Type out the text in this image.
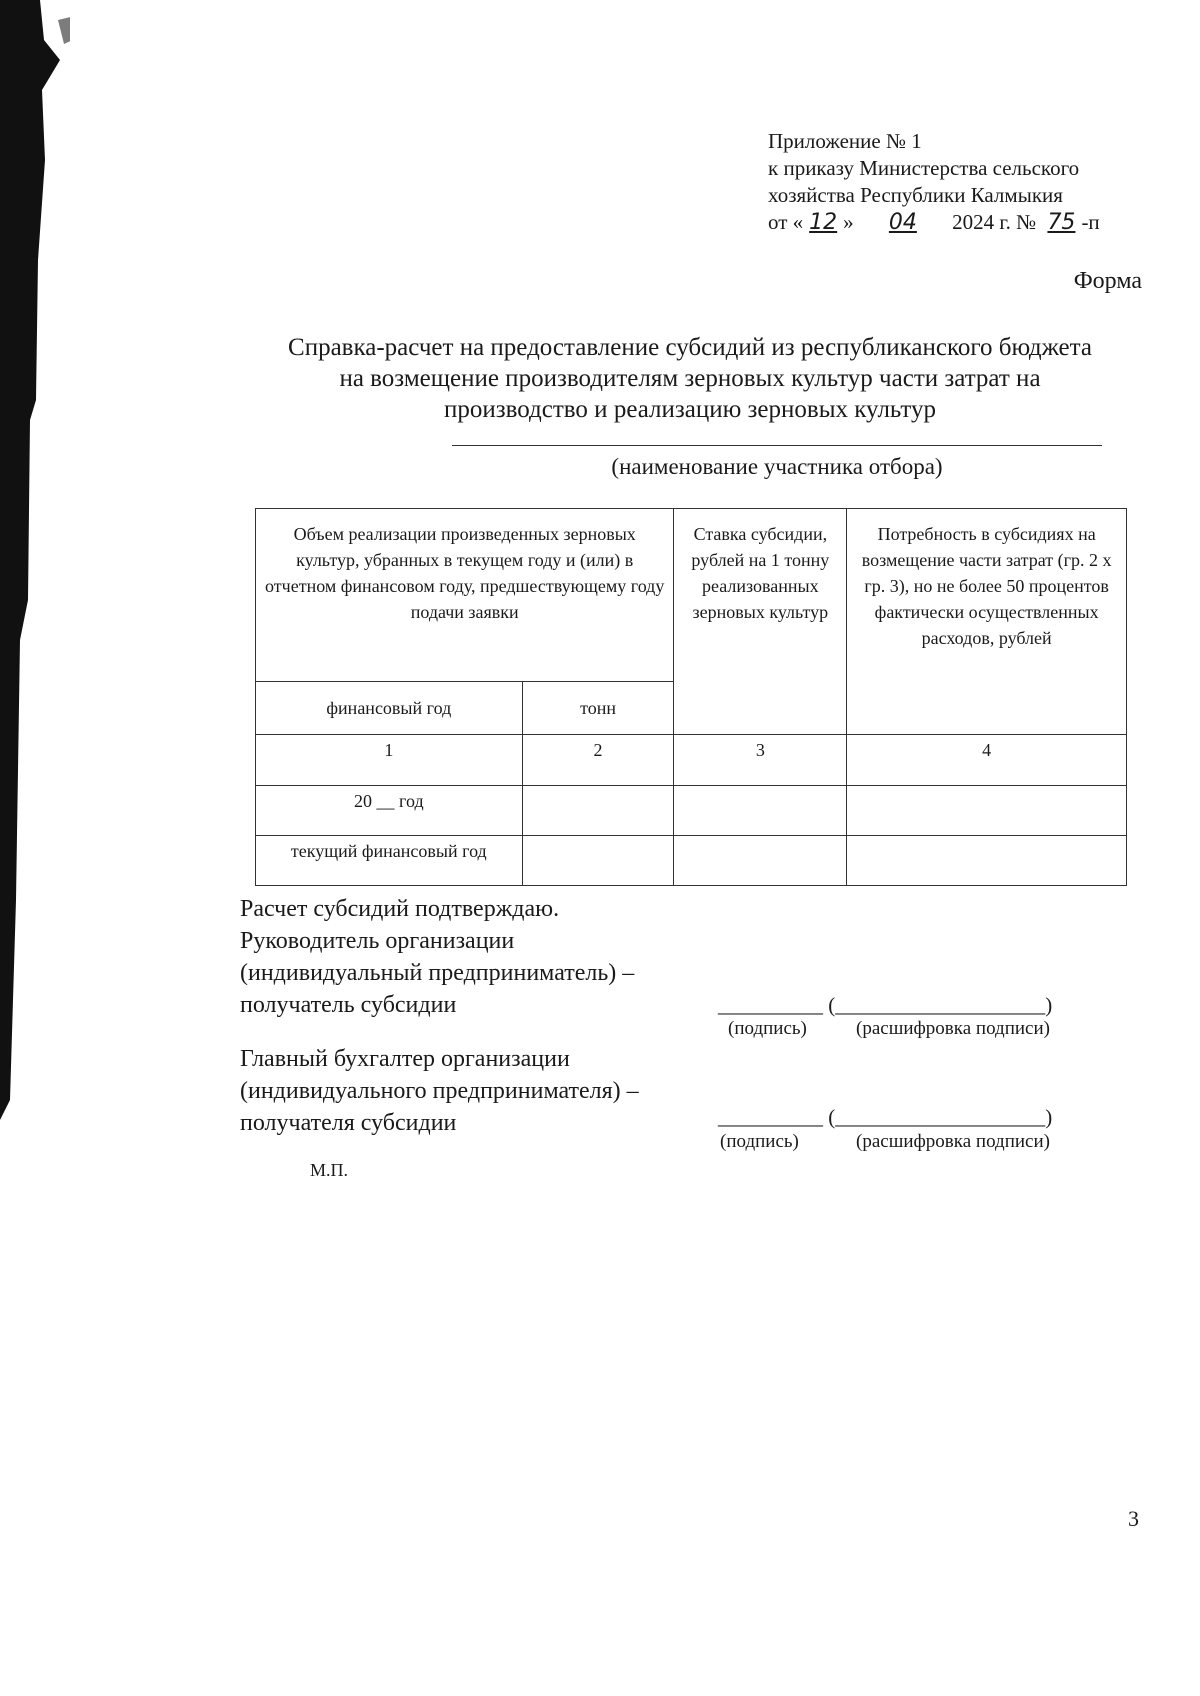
Приложение № 1
к приказу Министерства сельского
хозяйства Республики Калмыкия
от « 12 » 04 2024 г. № 75 -п
Форма
Справка-расчет на предоставление субсидий из республиканского бюджета
на возмещение производителям зерновых культур части затрат на
производство и реализацию зерновых культур
(наименование участника отбора)
Объем реализации произведенных зерновых культур, убранных в текущем году и (или) в отчетном финансовом году, предшествующему году подачи заявки		Ставка субсидии, рублей на 1 тонну реализованных зерновых культур	Потребность в субсидиях на возмещение части затрат (гр. 2 х гр. 3), но не более 50 процентов фактически осуществленных расходов, рублей
финансовый год	тонн		
1	2	3	4
20 __ год			
текущий финансовый год			
Расчет субсидий подтверждаю.
Руководитель организации
(индивидуальный предприниматель) –
получатель субсидии	__________ (____________________)
(подпись)	(расшифровка подписи)
Главный бухгалтер организации
(индивидуального предпринимателя) –
получателя субсидии	__________ (____________________)
(подпись)	(расшифровка подписи)
М.П.
3
